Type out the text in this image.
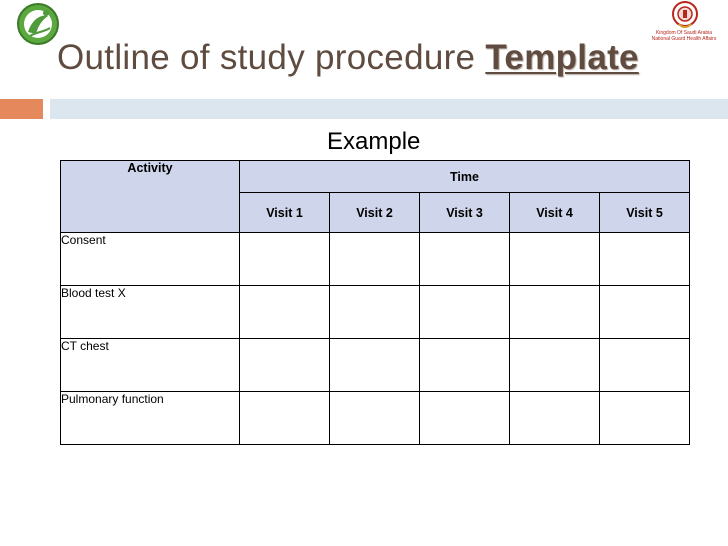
Kingdom Of Saudi Arabia
National Guard Health Affairs
Outline of study procedure Template
Example
Activity	Time				
	Visit 1	Visit 2	Visit 3	Visit 4	Visit 5
Consent					
Blood test X					
CT chest					
Pulmonary function					
